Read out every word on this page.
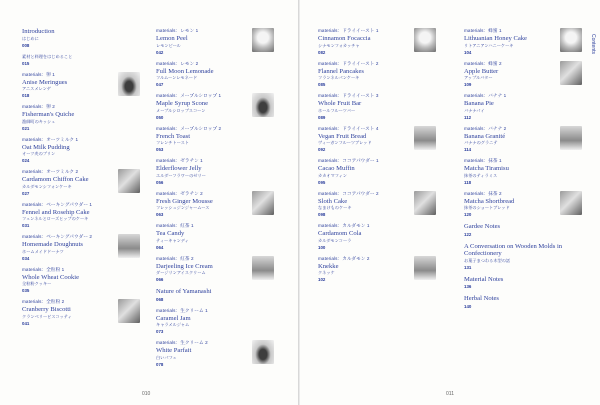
Introduction
はじめに
008
素材と料理をはじめること
015
materials：卵 1
Anise Meringues
アニスメレンゲ
018
materials：卵 2
Fisherman's Quiche
漁師町のキッシュ
021
materials：オーツミルク 1
Oat Milk Pudding
オーツ麦のプリン
024
materials：オーツミルク 2
Cardamom Chiffon Cake
カルダモンシフォンケーキ
027
materials：ベーキングパウダー 1
Fennel and Rosehip Cake
フェンネルとローズヒップのケーキ
031
materials：ベーキングパウダー 2
Homemade Doughnuts
ホームメイドドーナツ
034
materials：全粒粉 1
Whole Wheat Cookie
全粒粉クッキー
035
materials：全粒粉 2
Cranberry Biscotti
クランベリービスコッティ
041
materials：レモン 1
Lemon Peel
レモンピール
042
materials：レモン 2
Full Moon Lemonade
フルムーンレモネード
047
materials：メープルシロップ 1
Maple Syrup Scone
メープルシロップスコーン
050
materials：メープルシロップ 2
French Toast
フレンチトースト
053
materials：ゼラチン 1
Elderflower Jelly
エルダーフラワーのゼリー
056
materials：ゼラチン 2
Fresh Ginger Mousse
フレッシュジンジャームース
063
materials：紅茶 1
Tea Candy
ティーキャンディ
064
materials：紅茶 2
Darjeeling Ice Cream
ダージリンアイスクリーム
066
Nature of Yamanashi
068
materials：生クリーム 1
Caramel Jam
キャラメルジャム
073
materials：生クリーム 2
White Parfait
白いパフェ
078
010
materials：ドライイースト 1
Cinnamon Focaccia
シナモンフォカッチャ
082
materials：ドライイースト 2
Flannel Pancakes
フランネルパンケーキ
085
materials：ドライイースト 3
Whole Fruit Bar
ホールフルーツバー
089
materials：ドライイースト 4
Vegan Fruit Bread
ヴィーガンフルーツブレッド
092
materials：ココアパウダー 1
Cacao Muffin
カカオマフィン
095
materials：ココアパウダー 2
Sloth Cake
なまけものケーキ
098
materials：カルダモン 1
Cardamom Cola
カルダモンコーラ
100
materials：カルダモン 2
Knekke
クネッケ
102
materials：蜂蜜 1
Lithuanian Honey Cake
リトアニアンハニーケーキ
104
materials：蜂蜜 2
Apple Butter
アップルバター
109
materials：バナナ 1
Banana Pie
バナナパイ
112
materials：バナナ 2
Banana Granité
バナナのグラニテ
114
materials：抹茶 1
Matcha Tiramisu
抹茶のティラミス
118
materials：抹茶 2
Matcha Shortbread
抹茶のショートブレッド
120
Gardee Notes
122
A Conversation on Wooden Molds in Confectionery
お菓子まつわる木型の話
131
Material Notes
136
Herbal Notes
140
Contents
011
